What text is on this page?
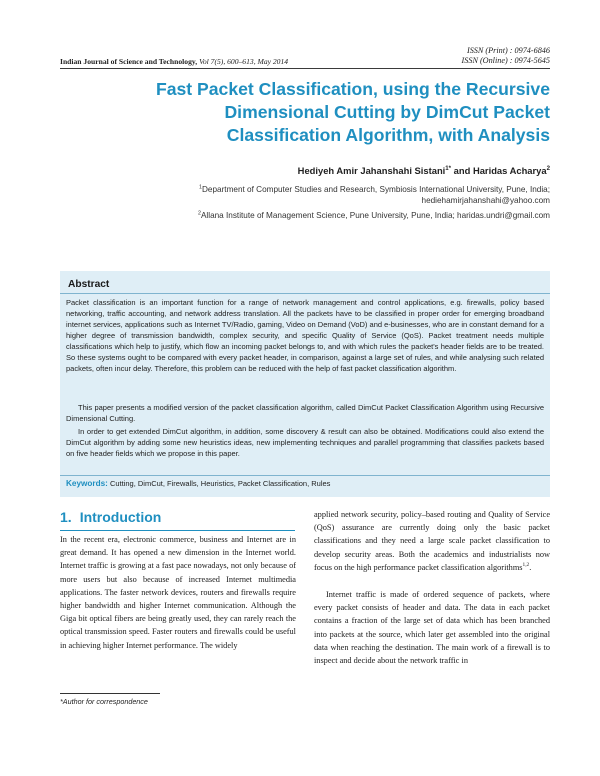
ISSN (Print) : 0974-6846
ISSN (Online) : 0974-5645
Indian Journal of Science and Technology, Vol 7(5), 600–613, May 2014
Fast Packet Classification, using the Recursive
Dimensional Cutting by DimCut Packet
Classification Algorithm, with Analysis
Hediyeh Amir Jahanshahi Sistani$^{1*}$ and Haridas Acharya$^2$
$^1$Department of Computer Studies and Research, Symbiosis International University, Pune, India;
hediehamirjahanshahi@yahoo.com
$^2$Allana Institute of Management Science, Pune University, Pune, India; haridas.undri@gmail.com
Abstract

Packet classification is an important function for a range of network management and control applications, e.g. firewalls, policy based networking, traffic accounting, and network address translation. All the packets have to be classified in proper order for emerging broadband internet services, applications such as Internet TV/Radio, gaming, Video on Demand (VoD) and e-businesses, who are in constant demand for a higher degree of transmission bandwidth, complex security, and specific Quality of Service (QoS). Packet treatment needs multiple classifications which help to justify, which flow an incoming packet belongs to, and with which rules the packet's header fields are to be treated. So these systems ought to be compared with every packet header, in comparison, against a large set of rules, and while analysing such related packets, often incur delay. Therefore, this problem can be reduced with the help of fast packet classification algorithm.

This paper presents a modified version of the packet classification algorithm, called DimCut Packet Classification Algorithm using Recursive Dimensional Cutting.

In order to get extended DimCut algorithm, in addition, some discovery & result can also be obtained. Modifications could also extend the DimCut algorithm by adding some new heuristics ideas, new implementing techniques and parallel programming that classifies packets based on five header fields which we propose in this paper.

Keywords: Cutting, DimCut, Firewalls, Heuristics, Packet Classification, Rules
1. Introduction

In the recent era, electronic commerce, business and Internet are in great demand. It has opened a new dimension in the Internet world. Internet traffic is growing at a fast pace nowadays, not only because of more users but also because of increased Internet multimedia applications. The faster network devices, routers and firewalls require higher bandwidth and higher Internet communication. Although the Giga bit optical fibers are being greatly used, they can rarely reach the optical transmission speed. Faster routers and firewalls could be useful in achieving higher Internet performance. The widely

applied network security, policy–based routing and Quality of Service (QoS) assurance are currently doing only the basic packet classifications and they need a large scale packet classification to develop security areas. Both the academics and industrialists now focus on the high performance packet classification algorithms$^{1,2}$.

Internet traffic is made of ordered sequence of packets, where every packet consists of header and data. The data in each packet contains a fraction of the large set of data which has been branched into packets at the source, which later get assembled into the original data when reaching the destination. The main work of a firewall is to inspect and decide about the network traffic in

*Author for correspondence
